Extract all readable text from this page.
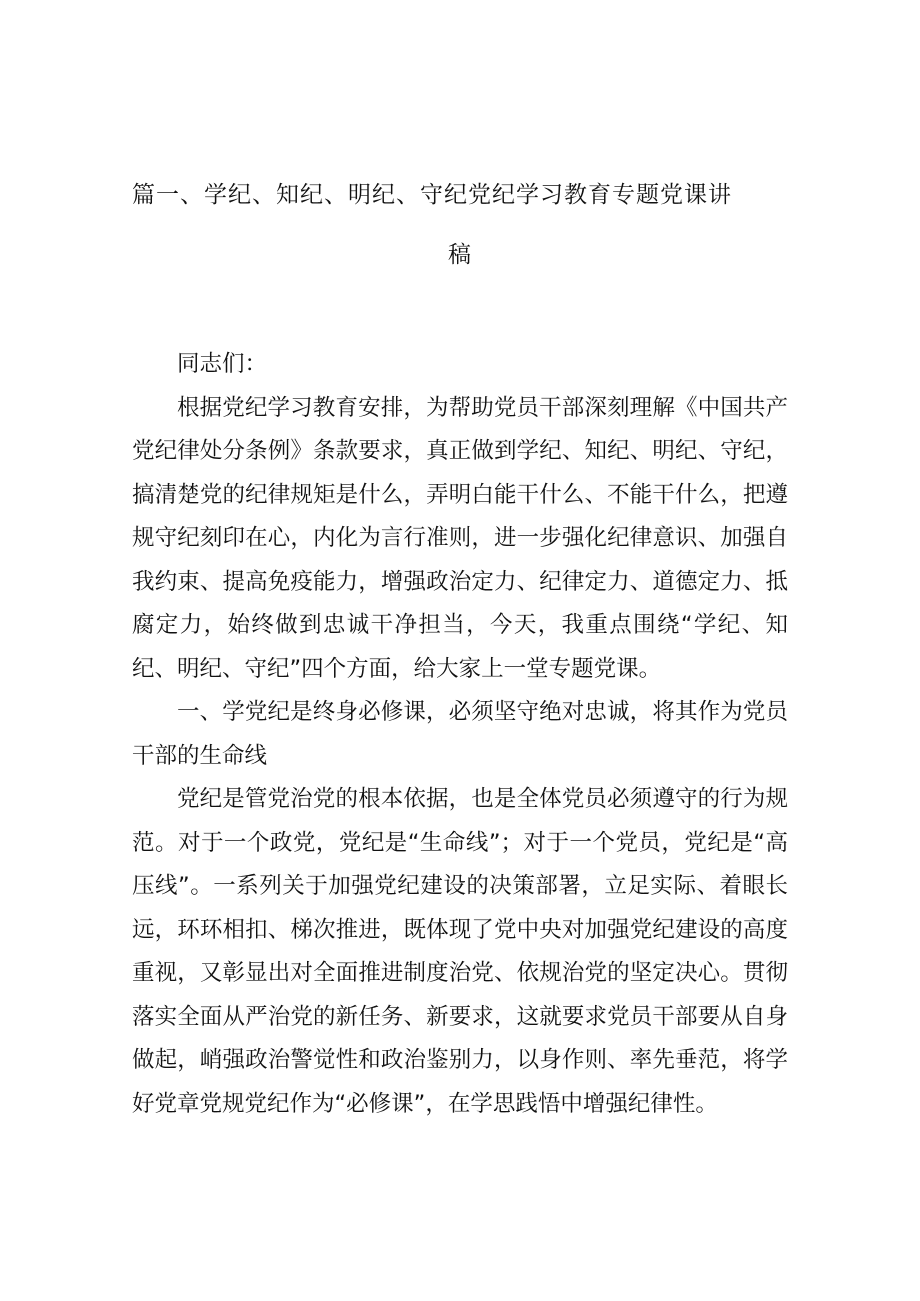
篇一、学纪、知纪、明纪、守纪党纪学习教育专题党课讲
稿

同志们：

根据党纪学习教育安排，为帮助党员干部深刻理解《中国共产党纪律处分条例》条款要求，真正做到学纪、知纪、明纪、守纪，搞清楚党的纪律规矩是什么，弄明白能干什么、不能干什么，把遵规守纪刻印在心，内化为言行准则，进一步强化纪律意识、加强自我约束、提高免疫能力，增强政治定力、纪律定力、道德定力、抵腐定力，始终做到忠诚干净担当，今天，我重点围绕“学纪、知纪、明纪、守纪”四个方面，给大家上一堂专题党课。

一、学党纪是终身必修课，必须坚守绝对忠诚，将其作为党员干部的生命线

党纪是管党治党的根本依据，也是全体党员必须遵守的行为规范。对于一个政党，党纪是“生命线”；对于一个党员，党纪是“高压线”。一系列关于加强党纪建设的决策部署，立足实际、着眼长远，环环相扣、梯次推进，既体现了党中央对加强党纪建设的高度重视，又彰显出对全面推进制度治党、依规治党的坚定决心。贯彻落实全面从严治党的新任务、新要求，这就要求党员干部要从自身做起，峭强政治警觉性和政治鉴别力，以身作则、率先垂范，将学好党章党规党纪作为“必修课”，在学思践悟中增强纪律性。
